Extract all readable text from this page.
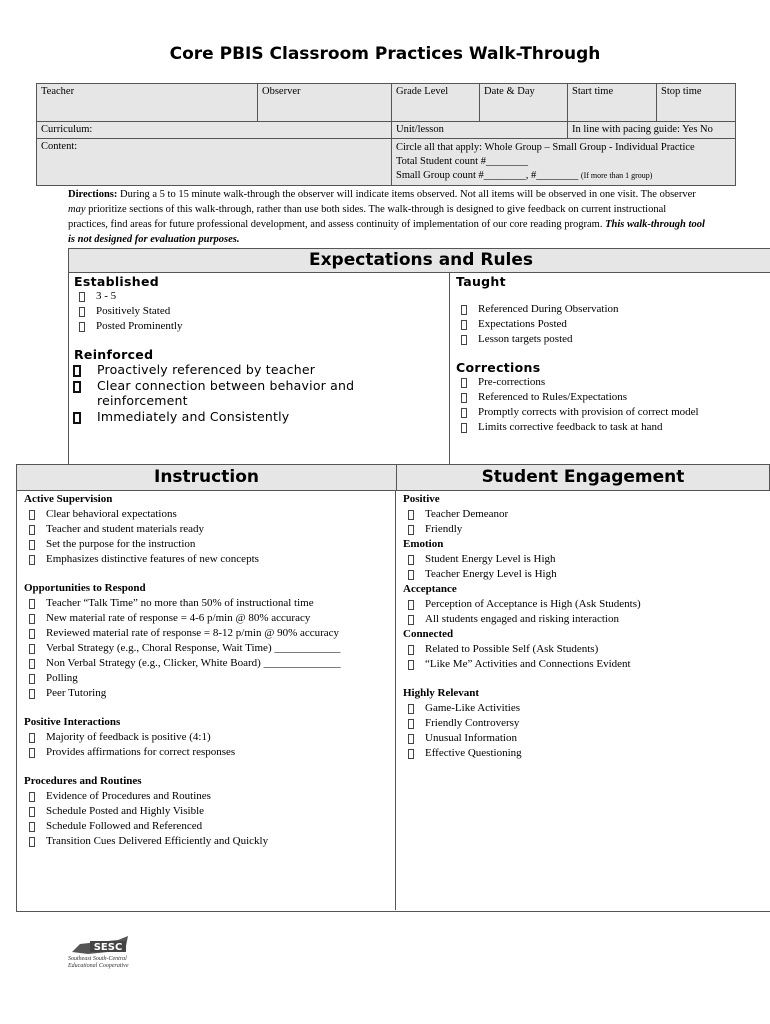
Core PBIS Classroom Practices Walk-Through
Teacher	Observer	Grade Level	Date & Day	Start time	Stop time
Curriculum:		Unit/lesson		In line with pacing guide: Yes No	
Content:		Circle all that apply: Whole Group – Small Group - Individual Practice
Total Student count #________
Small Group count #________, #________ (If more than 1 group)			
Directions: During a 5 to 15 minute walk-through the observer will indicate items observed. Not all items will be observed in one visit. The observer may prioritize sections of this walk-through, rather than use both sides. The walk-through is designed to give feedback on current instructional practices, find areas for future professional development, and assess continuity of implementation of our core reading program. This walk-through tool is not designed for evaluation purposes.
Expectations and Rules
Established
3 - 5
Positively Stated
Posted Prominently
Reinforced
Proactively referenced by teacher
Clear connection between behavior and reinforcement
Immediately and Consistently
Taught
Referenced During Observation
Expectations Posted
Lesson targets posted
Corrections
Pre-corrections
Referenced to Rules/Expectations
Promptly corrects with provision of correct model
Limits corrective feedback to task at hand
Instruction	Student Engagement
Active Supervision
Clear behavioral expectations
Teacher and student materials ready
Set the purpose for the instruction
Emphasizes distinctive features of new concepts
Opportunities to Respond
Teacher “Talk Time” no more than 50% of instructional time
New material rate of response = 4-6 p/min @ 80% accuracy
Reviewed material rate of response = 8-12 p/min @ 90% accuracy
Verbal Strategy (e.g., Choral Response, Wait Time) ____________
Non Verbal Strategy (e.g., Clicker, White Board) ______________
Polling
Peer Tutoring
Positive Interactions
Majority of feedback is positive (4:1)
Provides affirmations for correct responses
Procedures and Routines
Evidence of Procedures and Routines
Schedule Posted and Highly Visible
Schedule Followed and Referenced
Transition Cues Delivered Efficiently and Quickly
Positive
Teacher Demeanor
Friendly
Emotion
Student Energy Level is High
Teacher Energy Level is High
Acceptance
Perception of Acceptance is High (Ask Students)
All students engaged and risking interaction
Connected
Related to Possible Self (Ask Students)
“Like Me” Activities and Connections Evident
Highly Relevant
Game-Like Activities
Friendly Controversy
Unusual Information
Effective Questioning
SESC
Southeast South-Central Educational Cooperative
